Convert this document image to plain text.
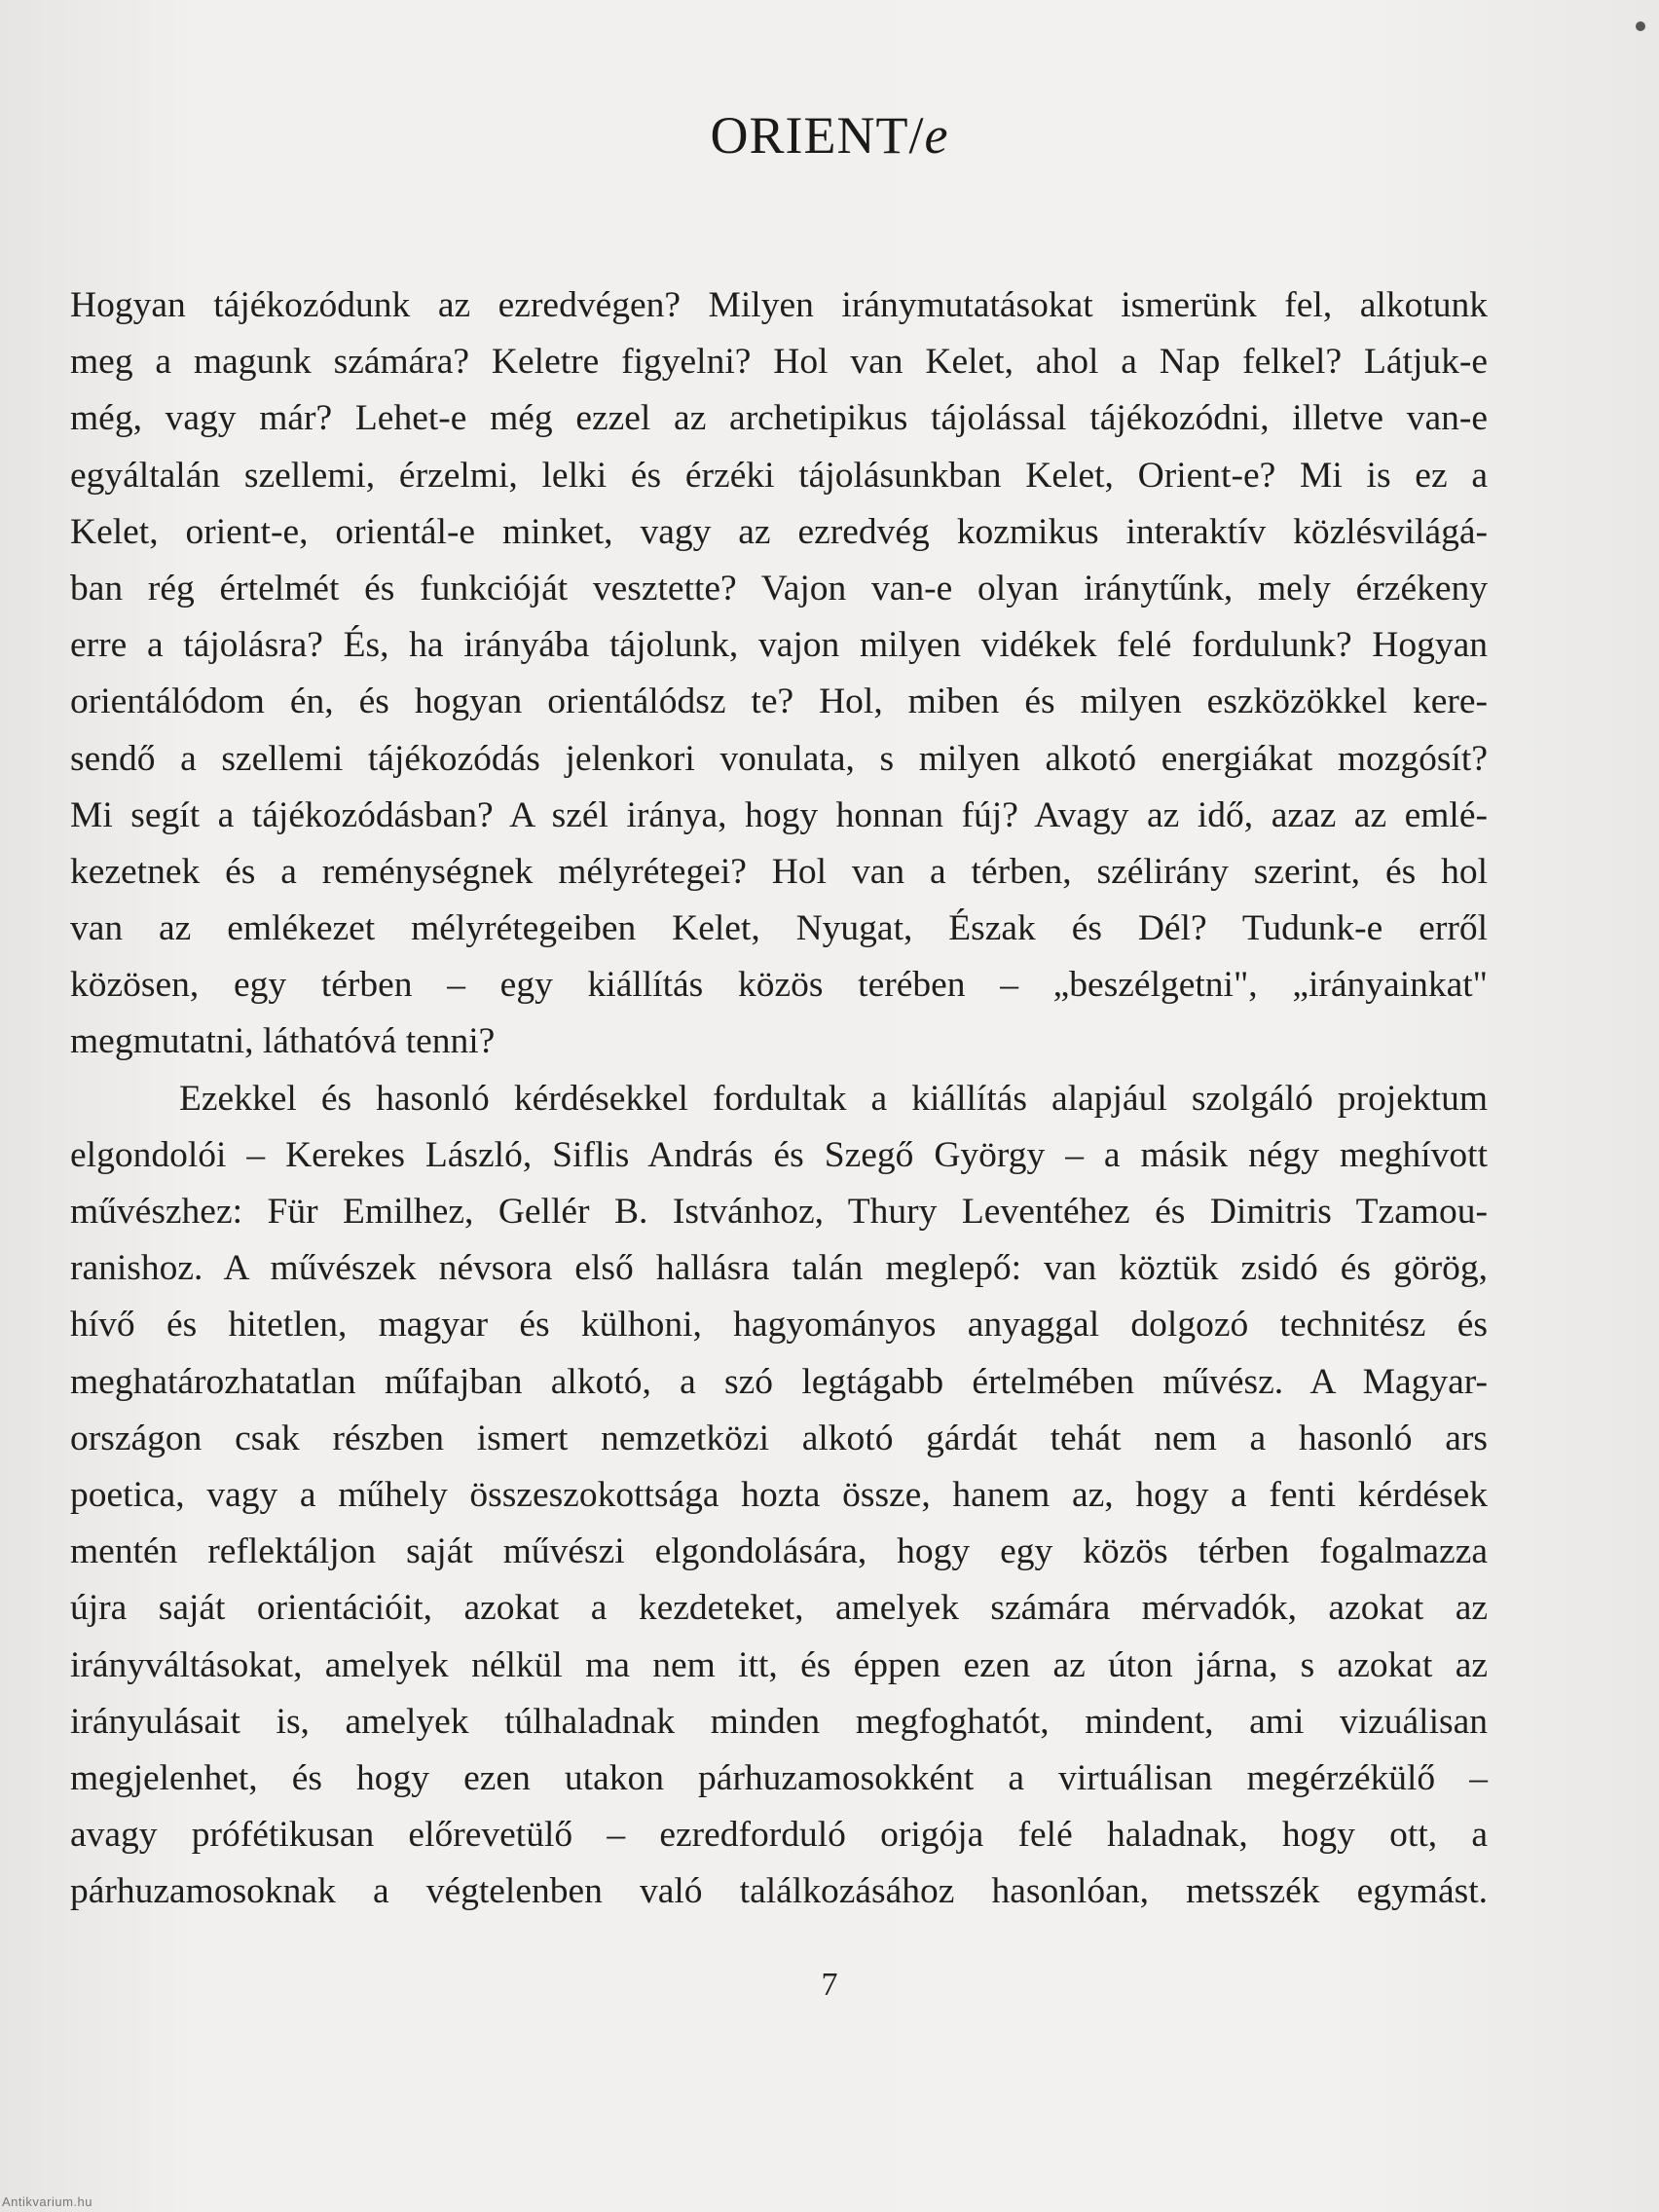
ORIENT/e
Hogyan tájékozódunk az ezredvégen? Milyen iránymutatásokat ismerünk fel, alkotunk
meg a magunk számára? Keletre figyelni? Hol van Kelet, ahol a Nap felkel? Látjuk-e
még, vagy már? Lehet-e még ezzel az archetipikus tájolással tájékozódni, illetve van-e
egyáltalán szellemi, érzelmi, lelki és érzéki tájolásunkban Kelet, Orient-e? Mi is ez a
Kelet, orient-e, orientál-e minket, vagy az ezredvég kozmikus interaktív közlésvilágá-
ban rég értelmét és funkcióját vesztette? Vajon van-e olyan iránytűnk, mely érzékeny
erre a tájolásra? És, ha irányába tájolunk, vajon milyen vidékek felé fordulunk? Hogyan
orientálódom én, és hogyan orientálódsz te? Hol, miben és milyen eszközökkel kere-
sendő a szellemi tájékozódás jelenkori vonulata, s milyen alkotó energiákat mozgósít?
Mi segít a tájékozódásban? A szél iránya, hogy honnan fúj? Avagy az idő, azaz az emlé-
kezetnek és a reménységnek mélyrétegei? Hol van a térben, szélirány szerint, és hol
van az emlékezet mélyrétegeiben Kelet, Nyugat, Észak és Dél? Tudunk-e erről
közösen, egy térben – egy kiállítás közös terében – „beszélgetni", „irányainkat"
megmutatni, láthatóvá tenni?
Ezekkel és hasonló kérdésekkel fordultak a kiállítás alapjául szolgáló projektum
elgondolói – Kerekes László, Siflis András és Szegő György – a másik négy meghívott
művészhez: Für Emilhez, Gellér B. Istvánhoz, Thury Leventéhez és Dimitris Tzamou-
ranishoz. A művészek névsora első hallásra talán meglepő: van köztük zsidó és görög,
hívő és hitetlen, magyar és külhoni, hagyományos anyaggal dolgozó technitész és
meghatározhatatlan műfajban alkotó, a szó legtágabb értelmében művész. A Magyar-
országon csak részben ismert nemzetközi alkotó gárdát tehát nem a hasonló ars
poetica, vagy a műhely összeszokottsága hozta össze, hanem az, hogy a fenti kérdések
mentén reflektáljon saját művészi elgondolására, hogy egy közös térben fogalmazza
újra saját orientációit, azokat a kezdeteket, amelyek számára mérvadók, azokat az
irányváltásokat, amelyek nélkül ma nem itt, és éppen ezen az úton járna, s azokat az
irányulásait is, amelyek túlhaladnak minden megfoghatót, mindent, ami vizuálisan
megjelenhet, és hogy ezen utakon párhuzamosokként a virtuálisan megérzékülő –
avagy prófétikusan előrevetülő – ezredforduló origója felé haladnak, hogy ott, a
párhuzamosoknak a végtelenben való találkozásához hasonlóan, metsszék egymást.
7
Antikvarium.hu
